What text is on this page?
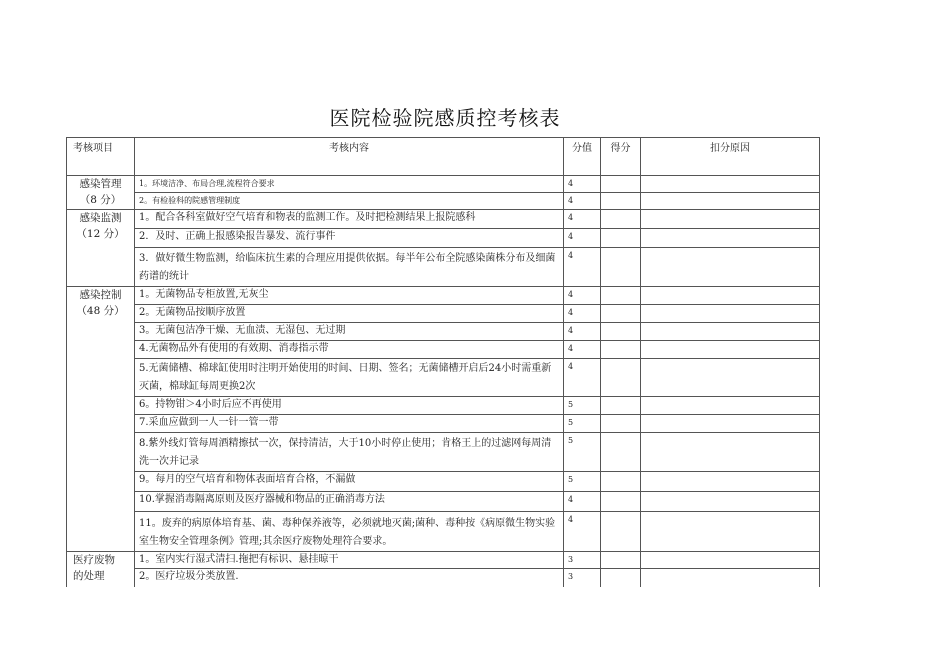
医院检验院感质控考核表
考核项目	考核内容	分值	得分	扣分原因

感染管理
（8 分）	1。环境洁净、布局合理,流程符合要求	4		
	2。有检验科的院感管理制度	4		

感染监测
（12 分）	1。配合各科室做好空气培育和物表的监测工作。及时把检测结果上报院感科	4		
	2．及时、正确上报感染报告暴发、流行事件	4		
	3．做好微生物监测，给临床抗生素的合理应用提供依据。每半年公布全院感染菌株分布及细菌药谱的统计	4		

感染控制
（48 分）	1。无菌物品专柜放置,无灰尘	4		
	2。无菌物品按顺序放置	4		
	3。无菌包洁净干燥、无血渍、无湿包、无过期	4		
	4.无菌物品外有使用的有效期、消毒指示带	4		
	5.无菌储槽、棉球缸使用时注明开始使用的时间、日期、签名；无菌储槽开启后24小时需重新灭菌，棉球缸每周更换2次	4		
	6。持物钳＞4小时后应不再使用	5		
	7.采血应做到一人一针一管一带	5		
	8.紫外线灯管每周酒精擦拭一次，保持清洁，大于10小时停止使用；肯格王上的过滤网每周清洗一次并记录	5		
	9。每月的空气培育和物体表面培育合格，不漏做	5		
	10.掌握消毒隔离原则及医疗器械和物品的正确消毒方法	4		
	11。废弃的病原体培育基、菌、毒种保养液等，必须就地灭菌;菌种、毒种按《病原微生物实验室生物安全管理条例》管理;其余医疗废物处理符合要求。	4		

医疗废物
的处理	1。室内实行湿式清扫.拖把有标识、悬挂晾干	3		
	2。医疗垃圾分类放置.	3		
